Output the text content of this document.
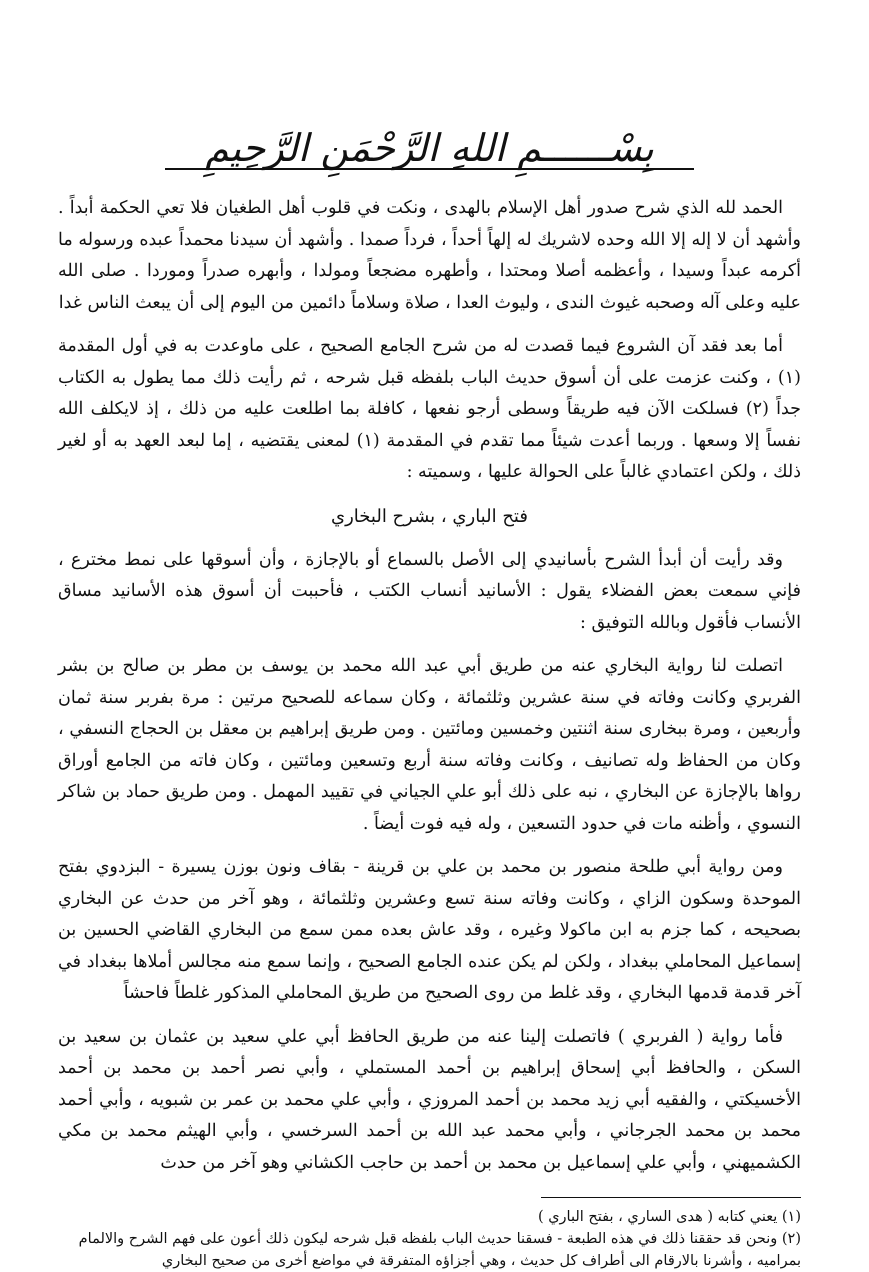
بِسْــــــمِ اللهِ الرَّحْمَنِ الرَّحِيمِ

الحمد لله الذي شرح صدور أهل الإسلام بالهدى ، ونكت في قلوب أهل الطغيان فلا تعي الحكمة أبداً . وأشهد أن لا إله إلا الله وحده لاشريك له إلهاً أحداً ، فرداً صمدا . وأشهد أن سيدنا محمداً عبده ورسوله ما أكرمه عبداً وسيدا ، وأعظمه أصلا ومحتدا ، وأطهره مضجعاً ومولدا ، وأبهره صدراً وموردا . صلى الله عليه وعلى آله وصحبه غيوث الندى ، وليوث العدا ، صلاة وسلاماً دائمين من اليوم إلى أن يبعث الناس غدا

أما بعد فقد آن الشروع فيما قصدت له من شرح الجامع الصحيح ، على ماوعدت به في أول المقدمة (١) ، وكنت عزمت على أن أسوق حديث الباب بلفظه قبل شرحه ، ثم رأيت ذلك مما يطول به الكتاب جداً (٢) فسلكت الآن فيه طريقاً وسطى أرجو نفعها ، كافلة بما اطلعت عليه من ذلك ، إذ لايكلف الله نفساً إلا وسعها . وربما أعدت شيئاً مما تقدم في المقدمة (١) لمعنى يقتضيه ، إما لبعد العهد به أو لغير ذلك ، ولكن اعتمادي غالباً على الحوالة عليها ، وسميته :

فتح الباري ، بشرح البخاري

وقد رأيت أن أبدأ الشرح بأسانيدي إلى الأصل بالسماع أو بالإجازة ، وأن أسوقها على نمط مخترع ، فإني سمعت بعض الفضلاء يقول : الأسانيد أنساب الكتب ، فأحببت أن أسوق هذه الأسانيد مساق الأنساب فأقول وبالله التوفيق :

اتصلت لنا رواية البخاري عنه من طريق أبي عبد الله محمد بن يوسف بن مطر بن صالح بن بشر الفربري وكانت وفاته في سنة عشرين وثلثمائة ، وكان سماعه للصحيح مرتين : مرة بفربر سنة ثمان وأربعين ، ومرة ببخارى سنة اثنتين وخمسين ومائتين . ومن طريق إبراهيم بن معقل بن الحجاج النسفي ، وكان من الحفاظ وله تصانيف ، وكانت وفاته سنة أربع وتسعين ومائتين ، وكان فاته من الجامع أوراق رواها بالإجازة عن البخاري ، نبه على ذلك أبو علي الجياني في تقييد المهمل . ومن طريق حماد بن شاكر النسوي ، وأظنه مات في حدود التسعين ، وله فيه فوت أيضاً .

ومن رواية أبي طلحة منصور بن محمد بن علي بن قرينة - بقاف ونون بوزن يسيرة - البزدوي بفتح الموحدة وسكون الزاي ، وكانت وفاته سنة تسع وعشرين وثلثمائة ، وهو آخر من حدث عن البخاري بصحيحه ، كما جزم به ابن ماكولا وغيره ، وقد عاش بعده ممن سمع من البخاري القاضي الحسين بن إسماعيل المحاملي ببغداد ، ولكن لم يكن عنده الجامع الصحيح ، وإنما سمع منه مجالس أملاها ببغداد في آخر قدمة قدمها البخاري ، وقد غلط من روى الصحيح من طريق المحاملي المذكور غلطاً فاحشاً

فأما رواية ( الفربري ) فاتصلت إلينا عنه من طريق الحافظ أبي علي سعيد بن عثمان بن سعيد بن السكن ، والحافظ أبي إسحاق إبراهيم بن أحمد المستملي ، وأبي نصر أحمد بن محمد بن أحمد الأخسيكتي ، والفقيه أبي زيد محمد بن أحمد المروزي ، وأبي علي محمد بن عمر بن شبويه ، وأبي أحمد محمد بن محمد الجرجاني ، وأبي محمد عبد الله بن أحمد السرخسي ، وأبي الهيثم محمد بن مكي الكشميهني ، وأبي علي إسماعيل بن محمد بن أحمد بن حاجب الكشاني وهو آخر من حدث

(١) يعني كتابه ( هدى الساري ، بفتح الباري )
(٢) ونحن قد حققنا ذلك في هذه الطبعة - فسقنا حديث الباب بلفظه قبل شرحه ليكون ذلك أعون على فهم الشرح والالمام بمراميه ، وأشرنا بالارقام الى أطراف كل حديث ، وهي أجزاؤه المتفرقة في مواضع أخرى من صحيح البخاري
